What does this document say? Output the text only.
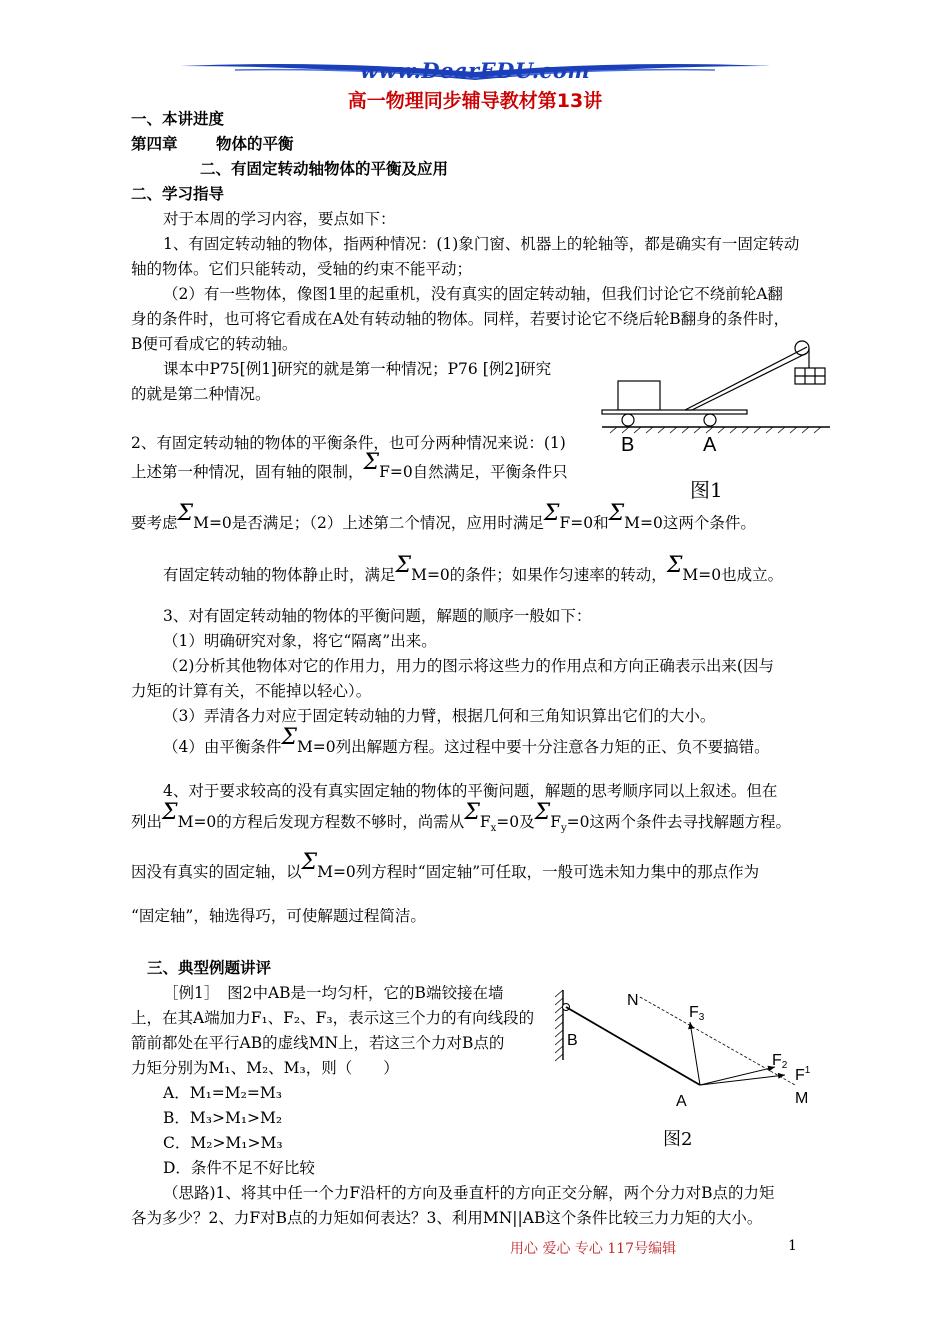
www.DearEDU.com
高一物理同步辅导教材第13讲
一、本讲进度
第四章 物体的平衡
二、有固定转动轴物体的平衡及应用
二、学习指导
对于本周的学习内容，要点如下：
1、有固定转动轴的物体，指两种情况：(1)象门窗、机器上的轮轴等，都是确实有一固定转动
轴的物体。它们只能转动，受轴的约束不能平动；
（2）有一些物体，像图1里的起重机，没有真实的固定转动轴，但我们讨论它不绕前轮A翻
身的条件时，也可将它看成在A处有转动轴的物体。同样，若要讨论它不绕后轮B翻身的条件时，
B便可看成它的转动轴。
课本中P75[例1]研究的就是第一种情况；P76 [例2]研究
的就是第二种情况。
2、有固定转动轴的物体的平衡条件，也可分两种情况来说：(1)
上述第一种情况，固有轴的限制，ΣF=0自然满足，平衡条件只
要考虑ΣM=0是否满足；（2）上述第二个情况，应用时满足ΣF=0和ΣM=0这两个条件。
有固定转动轴的物体静止时，满足ΣM=0的条件；如果作匀速率的转动，ΣM=0也成立。
3、对有固定转动轴的物体的平衡问题，解题的顺序一般如下：
（1）明确研究对象，将它“隔离”出来。
（2)分析其他物体对它的作用力，用力的图示将这些力的作用点和方向正确表示出来(因与
力矩的计算有关，不能掉以轻心）。
（3）弄清各力对应于固定转动轴的力臂，根据几何和三角知识算出它们的大小。
（4）由平衡条件ΣM=0列出解题方程。这过程中要十分注意各力矩的正、负不要搞错。
4、对于要求较高的没有真实固定轴的物体的平衡问题，解题的思考顺序同以上叙述。但在
列出ΣM=0的方程后发现方程数不够时，尚需从$\Sigma F_x=0$及$\Sigma F_y=0$这两个条件去寻找解题方程。
因没有真实的固定轴，以ΣM=0列方程时“固定轴”可任取，一般可选未知力集中的那点作为
“固定轴”，轴选得巧，可使解题过程简洁。
B	A
图1
三、典型例题讲评
［例1］　图2中AB是一均匀杆，它的B端铰接在墙
上，在其A端加力F₁、F₂、F₃，表示这三个力的有向线段的
箭前都处在平行AB的虚线MN上，若这三个力对B点的
力矩分别为M₁、M₂、M₃，则（　　）
A．M₁=M₂=M₃
B．M₃>M₁>M₂
C．M₂>M₁>M₃
D．条件不足不好比较
（思路)1、将其中任一个力F沿杆的方向及垂直杆的方向正交分解，两个分力对B点的力矩
各为多少？2、力F对B点的力矩如何表达？3、利用MN||AB这个条件比较三力力矩的大小。
N
B
A	M
F3
F2
$F^1$
图2
用心 爱心 专心 117号编辑	1
